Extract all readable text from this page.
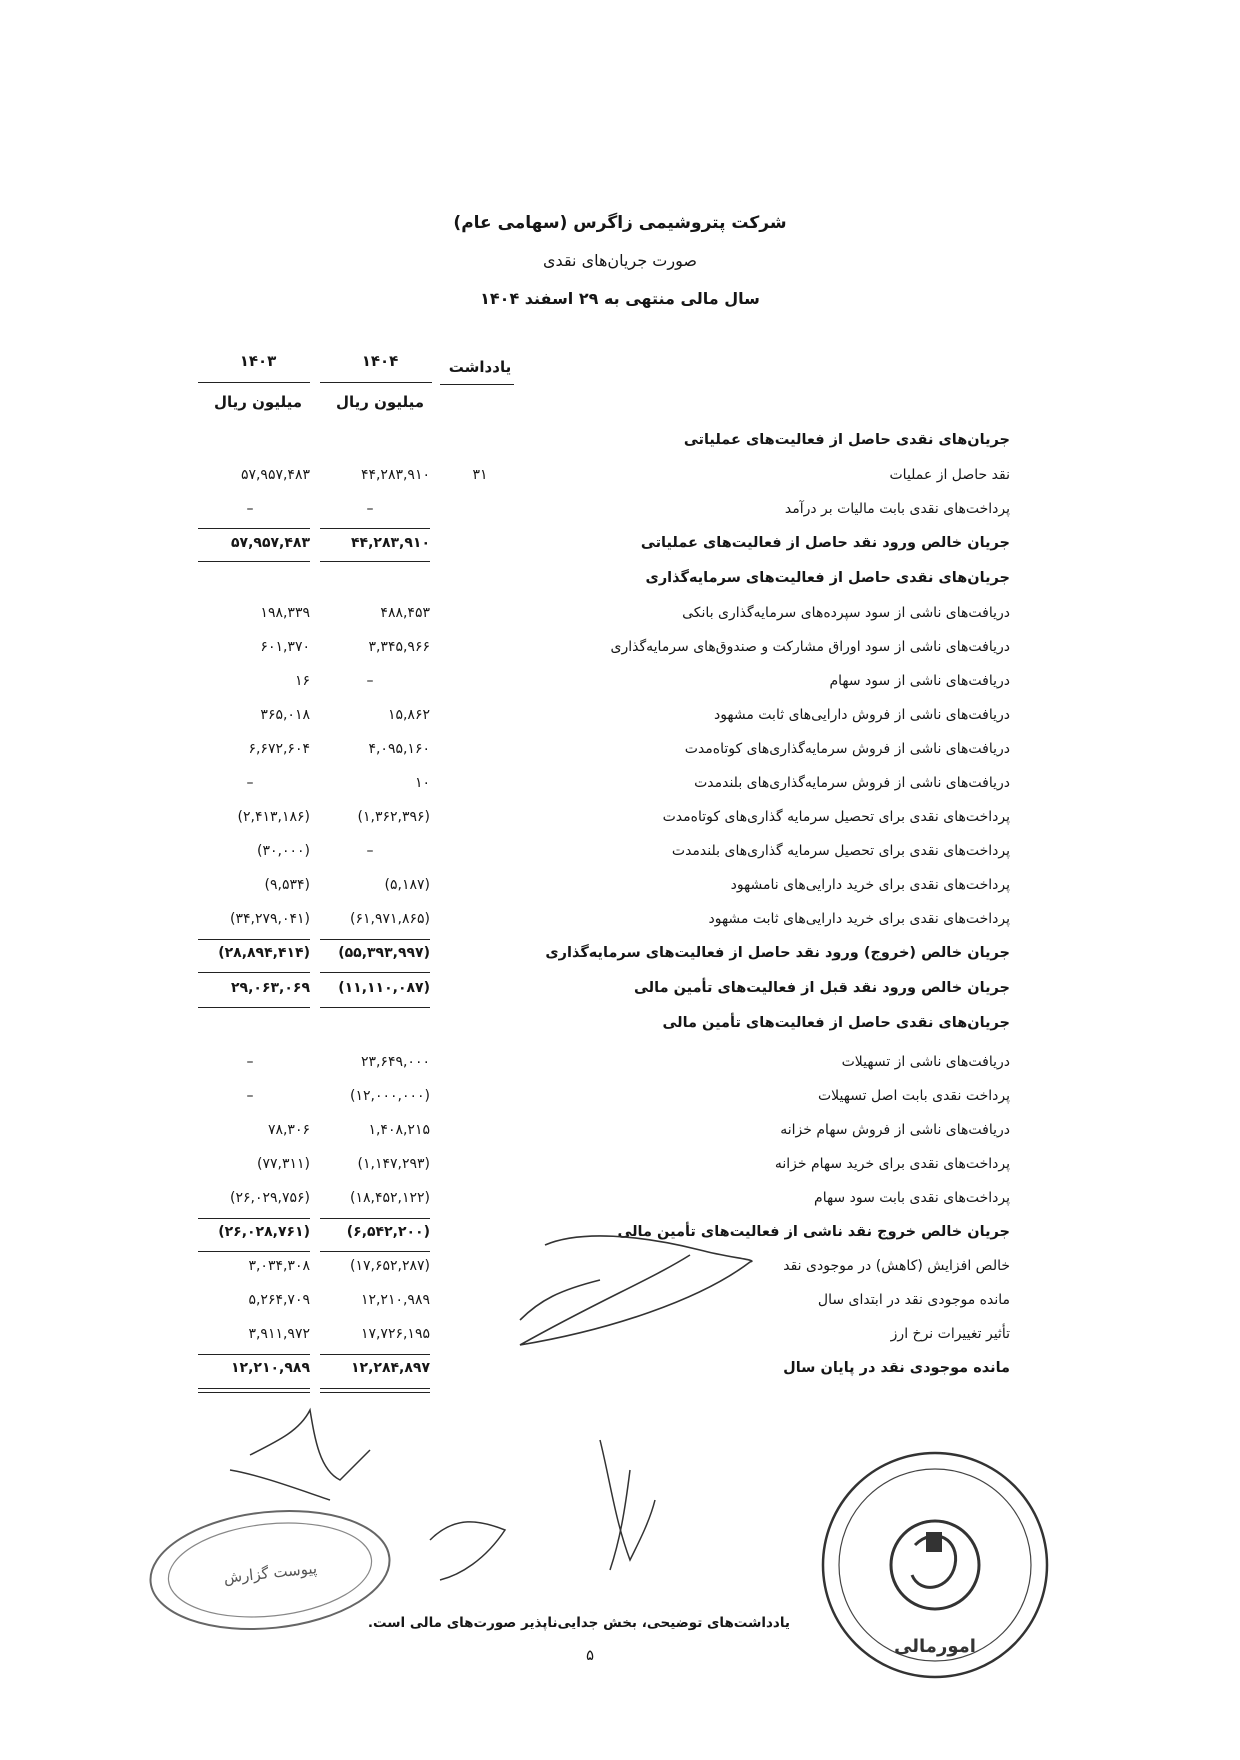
شرکت پتروشیمی زاگرس (سهامی عام)
صورت جریان‌های نقدی
سال مالی منتهی به ۲۹ اسفند ۱۴۰۴
یادداشت
۱۴۰۴
۱۴۰۳
میلیون ریال
میلیون ریال
جریان‌های نقدی حاصل از فعالیت‌های عملیاتی
نقد حاصل از عملیات
۳۱
۴۴,۲۸۳,۹۱۰
۵۷,۹۵۷,۴۸۳
پرداخت‌های نقدی بابت مالیات بر درآمد
–
–
جریان خالص ورود نقد حاصل از فعالیت‌های عملیاتی
۴۴,۲۸۳,۹۱۰
۵۷,۹۵۷,۴۸۳
جریان‌های نقدی حاصل از فعالیت‌های سرمایه‌گذاری
دریافت‌های ناشی از سود سپرده‌های سرمایه‌گذاری بانکی
۴۸۸,۴۵۳
۱۹۸,۳۳۹
دریافت‌های ناشی از سود اوراق مشارکت و صندوق‌های سرمایه‌گذاری
۳,۳۴۵,۹۶۶
۶۰۱,۳۷۰
دریافت‌های ناشی از سود سهام
–
۱۶
دریافت‌های ناشی از فروش دارایی‌های ثابت مشهود
۱۵,۸۶۲
۳۶۵,۰۱۸
دریافت‌های ناشی از فروش سرمایه‌گذاری‌های کوتاه‌مدت
۴,۰۹۵,۱۶۰
۶,۶۷۲,۶۰۴
دریافت‌های ناشی از فروش سرمایه‌گذاری‌های بلندمدت
۱۰
–
پرداخت‌های نقدی برای تحصیل سرمایه گذاری‌های کوتاه‌مدت
(۱,۳۶۲,۳۹۶)
(۲,۴۱۳,۱۸۶)
پرداخت‌های نقدی برای تحصیل سرمایه گذاری‌های بلندمدت
–
(۳۰,۰۰۰)
پرداخت‌های نقدی برای خرید دارایی‌های نامشهود
(۵,۱۸۷)
(۹,۵۳۴)
پرداخت‌های نقدی برای خرید دارایی‌های ثابت مشهود
(۶۱,۹۷۱,۸۶۵)
(۳۴,۲۷۹,۰۴۱)
جریان خالص (خروج) ورود نقد حاصل از فعالیت‌های سرمایه‌گذاری
(۵۵,۳۹۳,۹۹۷)
(۲۸,۸۹۴,۴۱۴)
جریان خالص ورود نقد قبل از فعالیت‌های تأمین مالی
(۱۱,۱۱۰,۰۸۷)
۲۹,۰۶۳,۰۶۹
جریان‌های نقدی حاصل از فعالیت‌های تأمین مالی
دریافت‌های ناشی از تسهیلات
۲۳,۶۴۹,۰۰۰
–
پرداخت نقدی بابت اصل تسهیلات
(۱۲,۰۰۰,۰۰۰)
–
دریافت‌های ناشی از فروش سهام خزانه
۱,۴۰۸,۲۱۵
۷۸,۳۰۶
پرداخت‌های نقدی برای خرید سهام خزانه
(۱,۱۴۷,۲۹۳)
(۷۷,۳۱۱)
پرداخت‌های نقدی بابت سود سهام
(۱۸,۴۵۲,۱۲۲)
(۲۶,۰۲۹,۷۵۶)
جریان خالص خروج نقد ناشی از فعالیت‌های تأمین مالی
(۶,۵۴۲,۲۰۰)
(۲۶,۰۲۸,۷۶۱)
خالص افزایش (کاهش) در موجودی نقد
(۱۷,۶۵۲,۲۸۷)
۳,۰۳۴,۳۰۸
مانده موجودی نقد در ابتدای سال
۱۲,۲۱۰,۹۸۹
۵,۲۶۴,۷۰۹
تأثیر تغییرات نرخ ارز
۱۷,۷۲۶,۱۹۵
۳,۹۱۱,۹۷۲
مانده موجودی نقد در پایان سال
۱۲,۲۸۴,۸۹۷
۱۲,۲۱۰,۹۸۹
پیوست گزارش
امورمالی
یادداشت‌های توضیحی، بخش جدایی‌ناپذیر صورت‌های مالی است.
۵
